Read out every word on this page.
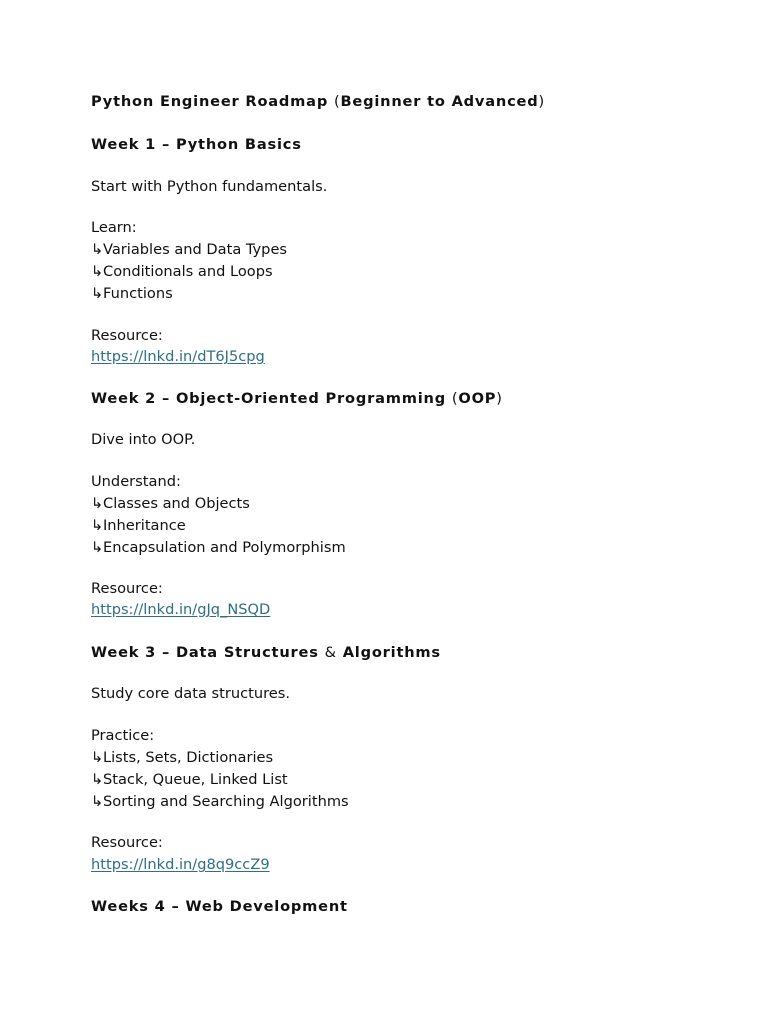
Python Engineer Roadmap (Beginner to Advanced)
Week 1 – Python Basics
Start with Python fundamentals.
Learn:
↳Variables and Data Types
↳Conditionals and Loops
↳Functions
Resource:
https://lnkd.in/dT6J5cpg
Week 2 – Object-Oriented Programming (OOP)
Dive into OOP.
Understand:
↳Classes and Objects
↳Inheritance
↳Encapsulation and Polymorphism
Resource:
https://lnkd.in/gJq_NSQD
Week 3 – Data Structures & Algorithms
Study core data structures.
Practice:
↳Lists, Sets, Dictionaries
↳Stack, Queue, Linked List
↳Sorting and Searching Algorithms
Resource:
https://lnkd.in/g8q9ccZ9
Weeks 4 – Web Development
